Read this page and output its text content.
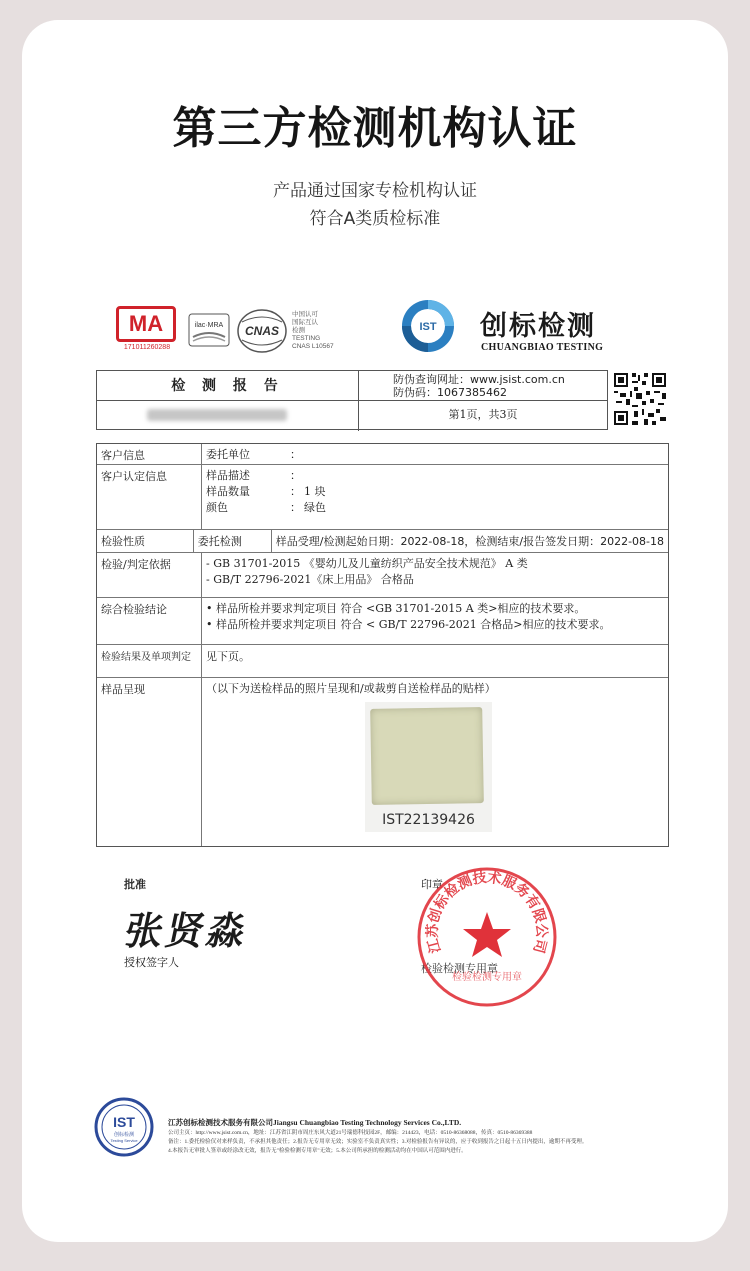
第三方检测机构认证
产品通过国家专检机构认证
符合A类质检标准
MA
171011260288
ilac·MRA CNAS
中国认可
国际互认
检测
TESTING
CNAS L10567
IST 创标检测
CHUANGBIAO TESTING
检 测 报 告	防伪查询网址：www.jsist.com.cn
防伪码：1067385462
第1页，共3页
客户信息	委托单位	：
客户认定信息	样品描述	：
样品数量	： 1 块
颜色	： 绿色
检验性质	委托检测	样品受理/检测起始日期：2022-08-18，检测结束/报告签发日期：2022-08-18
检验/判定依据	- GB 31701-2015 《婴幼儿及儿童纺织产品安全技术规范》 A 类
- GB/T 22796-2021《床上用品》 合格品
综合检验结论	• 样品所检并要求判定项目 符合 <GB 31701-2015 A 类>相应的技术要求。
• 样品所检并要求判定项目 符合 < GB/T 22796-2021 合格品>相应的技术要求。
检验结果及单项判定	见下页。
样品呈现	（以下为送检样品的照片呈现和/或裁剪自送检样品的贴样）
IST22139426
批准
张贤淼
授权签字人
印章
检验检测专用章
江苏创标检测技术服务有限公司
检验检测专用章
IST
创标检测
Testing Service
江苏创标检测技术服务有限公司Jiangsu Chuangbiao Testing Technology Services Co.,LTD.
公司主页：http://www.jsist.com.cn，地址：江苏省江阴市周庄东风大道21号瑞德科技园2F，邮编：214423，电话：0510-86368088，传真：0510-86369388
备注：1.委托检验仅对来样负责，不承担其他责任；2.报告无专用章无效；实验室不负责真实性；3.对检验报告有异议的，应于收到报告之日起十五日内提出，逾期不再受理。
4.本报告无审批人签章或经涂改无效，报告无"检验检测专用章"无效；5.本公司所承担的检测活动均在中国认可范围内进行。
